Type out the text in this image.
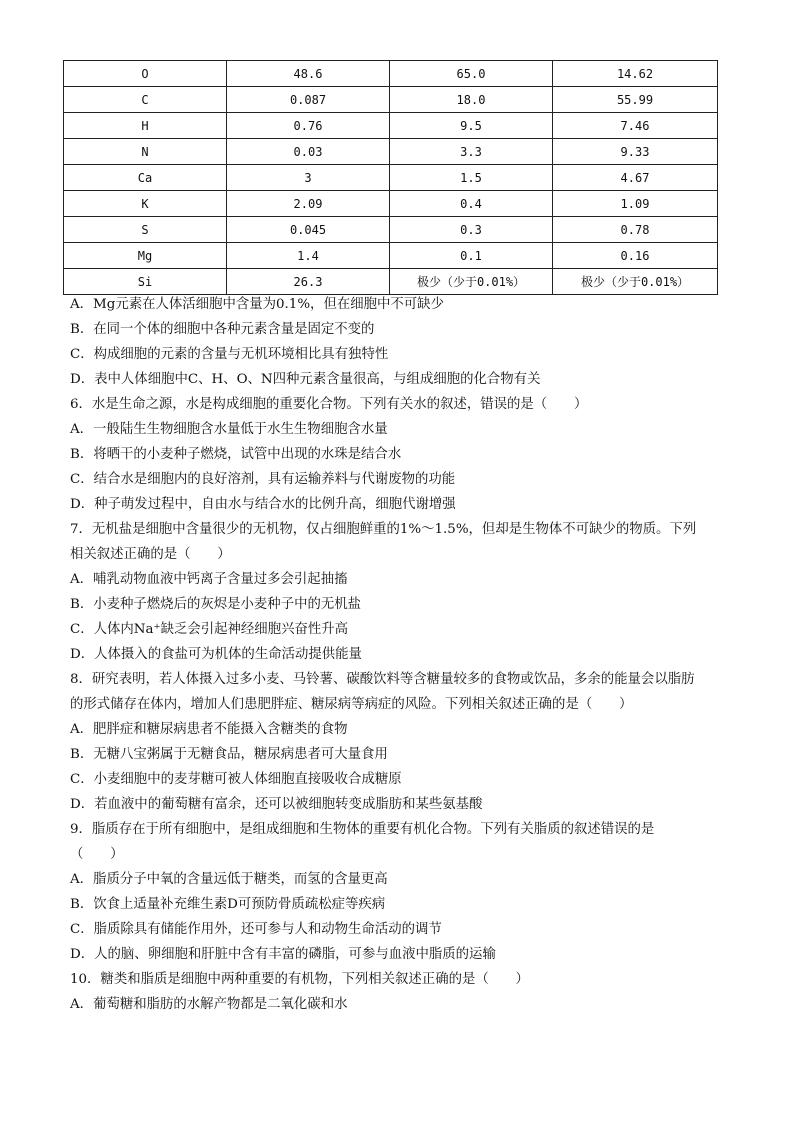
O	48.6	65.0	14.62
C	0.087	18.0	55.99
H	0.76	9.5	7.46
N	0.03	3.3	9.33
Ca	3	1.5	4.67
K	2.09	0.4	1.09
S	0.045	0.3	0.78
Mg	1.4	0.1	0.16
Si	26.3	极少（少于0.01%）	极少（少于0.01%）
A．Mg元素在人体活细胞中含量为0.1%，但在细胞中不可缺少
B．在同一个体的细胞中各种元素含量是固定不变的
C．构成细胞的元素的含量与无机环境相比具有独特性
D．表中人体细胞中C、H、O、N四种元素含量很高，与组成细胞的化合物有关
6．水是生命之源，水是构成细胞的重要化合物。下列有关水的叙述，错误的是（　　）
A．一般陆生生物细胞含水量低于水生生物细胞含水量
B．将晒干的小麦种子燃烧，试管中出现的水珠是结合水
C．结合水是细胞内的良好溶剂，具有运输养料与代谢废物的功能
D．种子萌发过程中，自由水与结合水的比例升高，细胞代谢增强
7．无机盐是细胞中含量很少的无机物，仅占细胞鲜重的1%～1.5%，但却是生物体不可缺少的物质。下列
相关叙述正确的是（　　）
A．哺乳动物血液中钙离子含量过多会引起抽搐
B．小麦种子燃烧后的灰烬是小麦种子中的无机盐
C．人体内Na⁺缺乏会引起神经细胞兴奋性升高
D．人体摄入的食盐可为机体的生命活动提供能量
8．研究表明，若人体摄入过多小麦、马铃薯、碳酸饮料等含糖量较多的食物或饮品，多余的能量会以脂肪
的形式储存在体内，增加人们患肥胖症、糖尿病等病症的风险。下列相关叙述正确的是（　　）
A．肥胖症和糖尿病患者不能摄入含糖类的食物
B．无糖八宝粥属于无糖食品，糖尿病患者可大量食用
C．小麦细胞中的麦芽糖可被人体细胞直接吸收合成糖原
D．若血液中的葡萄糖有富余，还可以被细胞转变成脂肪和某些氨基酸
9．脂质存在于所有细胞中，是组成细胞和生物体的重要有机化合物。下列有关脂质的叙述错误的是
（　　）
A．脂质分子中氧的含量远低于糖类，而氢的含量更高
B．饮食上适量补充维生素D可预防骨质疏松症等疾病
C．脂质除具有储能作用外，还可参与人和动物生命活动的调节
D．人的脑、卵细胞和肝脏中含有丰富的磷脂，可参与血液中脂质的运输
10．糖类和脂质是细胞中两种重要的有机物，下列相关叙述正确的是（　　）
A．葡萄糖和脂肪的水解产物都是二氧化碳和水
